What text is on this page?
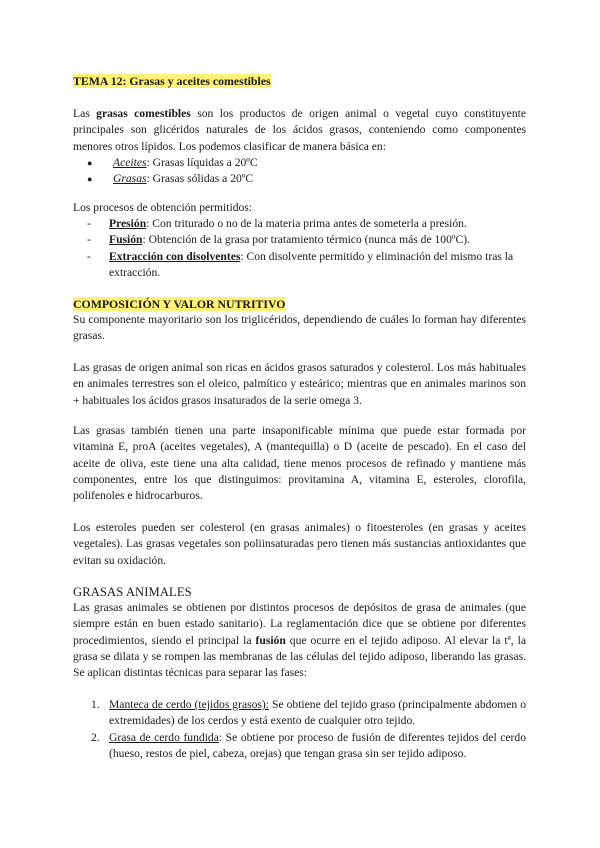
TEMA 12: Grasas y aceites comestibles

Las grasas comestibles son los productos de origen animal o vegetal cuyo constituyente principales son glicéridos naturales de los ácidos grasos, conteniendo como componentes menores otros lípidos. Los podemos clasificar de manera básica en:

● Aceites: Grasas líquidas a 20ºC
● Grasas: Grasas sólidas a 20ºC

Los procesos de obtención permitidos:

- Presión: Con triturado o no de la materia prima antes de someterla a presión.
- Fusión: Obtención de la grasa por tratamiento térmico (nunca más de 100ºC).
- Extracción con disolventes: Con disolvente permitido y eliminación del mismo tras la extracción.

COMPOSICIÓN Y VALOR NUTRITIVO

Su componente mayoritario son los triglicéridos, dependiendo de cuáles lo forman hay diferentes grasas.

Las grasas de origen animal son ricas en ácidos grasos saturados y colesterol. Los más habituales en animales terrestres son el oleico, palmítico y esteárico; mientras que en animales marinos son + habituales los ácidos grasos insaturados de la serie omega 3.

Las grasas también tienen una parte insaponificable mínima que puede estar formada por vitamina E, proA (aceites vegetales), A (mantequilla) o D (aceite de pescado). En el caso del aceite de oliva, este tiene una alta calidad, tiene menos procesos de refinado y mantiene más componentes, entre los que distinguimos: provitamina A, vitamina E, esteroles, clorofila, polifenoles e hidrocarburos.

Los esteroles pueden ser colesterol (en grasas animales) o fitoesteroles (en grasas y aceites vegetales). Las grasas vegetales son poliinsaturadas pero tienen más sustancias antioxidantes que evitan su oxidación.

GRASAS ANIMALES

Las grasas animales se obtienen por distintos procesos de depósitos de grasa de animales (que siempre están en buen estado sanitario). La reglamentación dice que se obtiene por diferentes procedimientos, siendo el principal la fusión que ocurre en el tejido adiposo. Al elevar la tª, la grasa se dilata y se rompen las membranas de las células del tejido adiposo, liberando las grasas. Se aplican distintas técnicas para separar las fases:

1. Manteca de cerdo (tejidos grasos): Se obtiene del tejido graso (principalmente abdomen o extremidades) de los cerdos y está exento de cualquier otro tejido.
2. Grasa de cerdo fundida: Se obtiene por proceso de fusión de diferentes tejidos del cerdo (hueso, restos de piel, cabeza, orejas) que tengan grasa sin ser tejido adiposo.
